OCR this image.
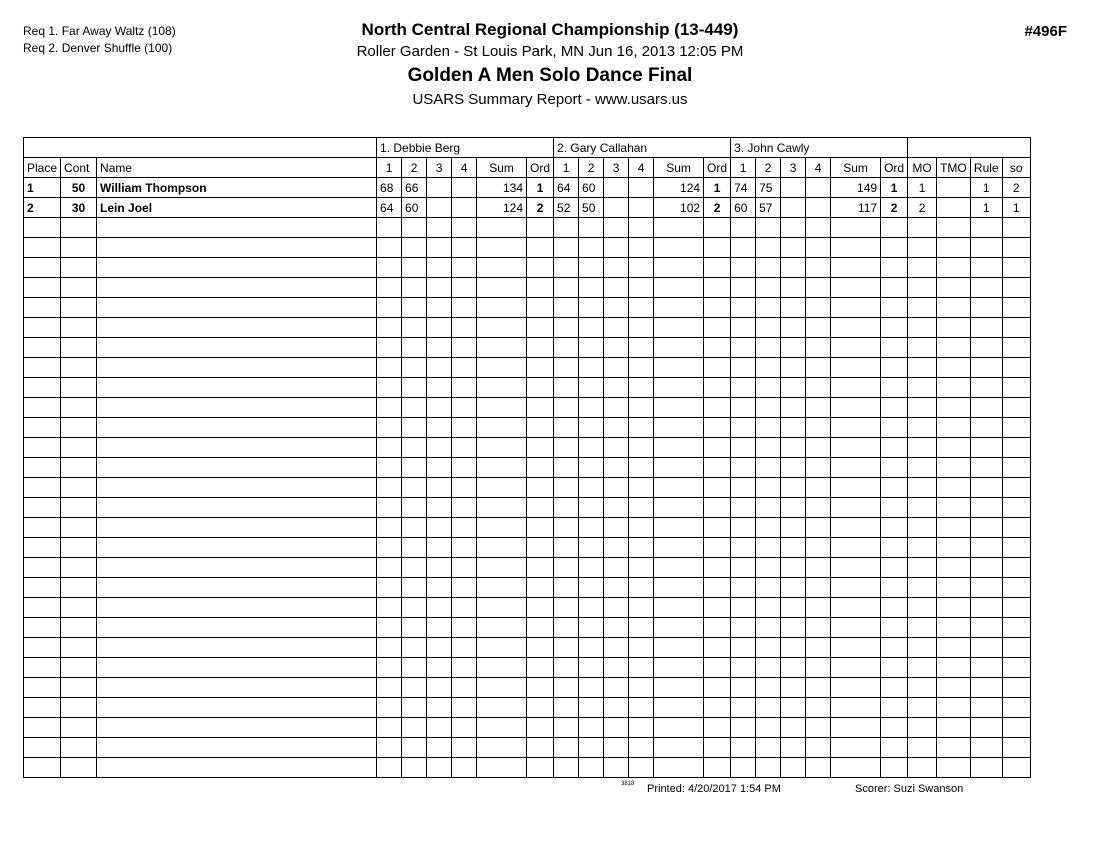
Req 1. Far Away Waltz (108)
Req 2. Denver Shuffle (100)
North Central Regional Championship (13-449)
Roller Garden - St Louis Park, MN Jun 16, 2013 12:05 PM
Golden A Men Solo Dance Final
USARS Summary Report - www.usars.us
#496F
			1. Debbie Berg						2. Gary Callahan						3. John Cawly									
Place	Cont	Name	1	2	3	4	Sum	Ord	1	2	3	4	Sum	Ord	1	2	3	4	Sum	Ord	MO	TMO	Rule	so
1	50	William Thompson	68	66			134	1	64	60			124	1	74	75			149	1	1		1	2
2	30	Lein Joel	64	60			124	2	52	50			102	2	60	57			117	2	2		1	1

3818 Printed: 4/20/2017 1:54 PM	Scorer: Suzi Swanson
